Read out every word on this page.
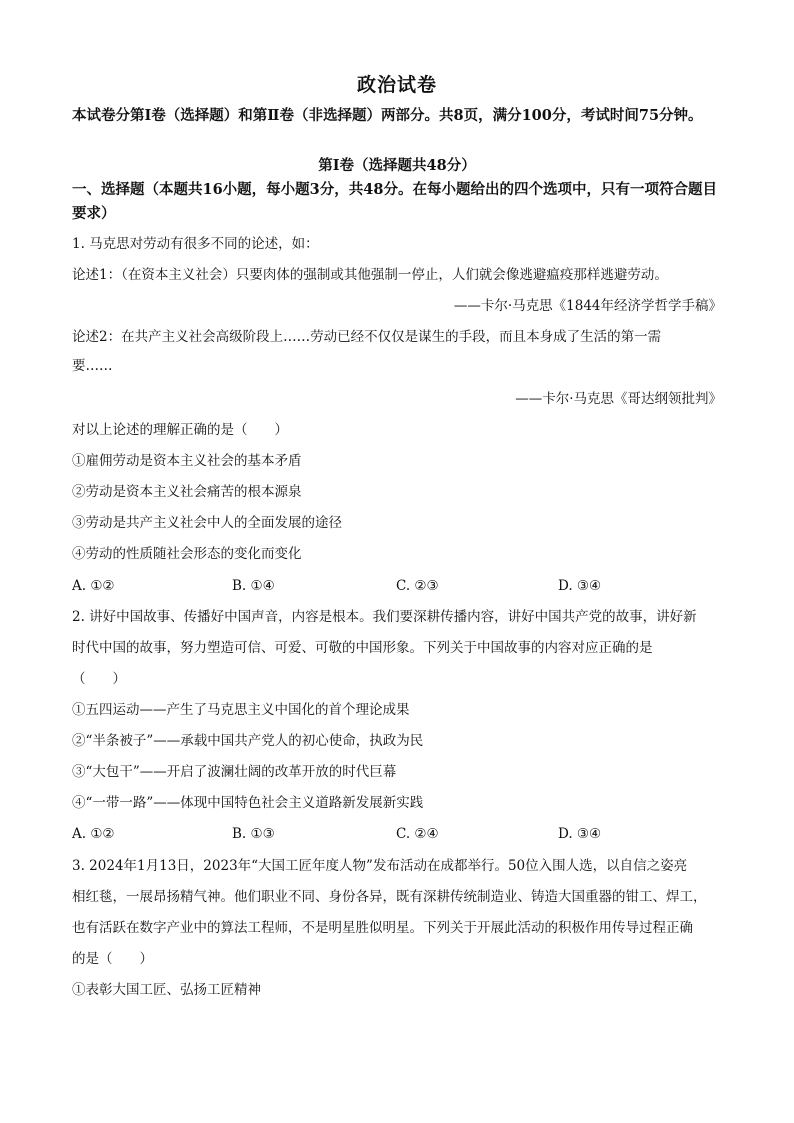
政治试卷
本试卷分第Ⅰ卷（选择题）和第Ⅱ卷（非选择题）两部分。共8页，满分100分，考试时间75分钟。
第Ⅰ卷（选择题共48分）
一、选择题（本题共16小题，每小题3分，共48分。在每小题给出的四个选项中，只有一项符合题目要求）
1. 马克思对劳动有很多不同的论述，如：
论述1：（在资本主义社会）只要肉体的强制或其他强制一停止，人们就会像逃避瘟疫那样逃避劳动。
——卡尔·马克思《1844年经济学哲学手稿》
论述2：在共产主义社会高级阶段上……劳动已经不仅仅是谋生的手段，而且本身成了生活的第一需
要……
——卡尔·马克思《哥达纲领批判》
对以上论述的理解正确的是（　　）
①雇佣劳动是资本主义社会的基本矛盾
②劳动是资本主义社会痛苦的根本源泉
③劳动是共产主义社会中人的全面发展的途径
④劳动的性质随社会形态的变化而变化
A. ①②	B. ①④	C. ②③	D. ③④
2. 讲好中国故事、传播好中国声音，内容是根本。我们要深耕传播内容，讲好中国共产党的故事，讲好新
时代中国的故事，努力塑造可信、可爱、可敬的中国形象。下列关于中国故事的内容对应正确的是
（　　）
①五四运动——产生了马克思主义中国化的首个理论成果
②“半条被子”——承载中国共产党人的初心使命，执政为民
③“大包干”——开启了波澜壮阔的改革开放的时代巨幕
④“一带一路”——体现中国特色社会主义道路新发展新实践
A. ①②	B. ①③	C. ②④	D. ③④
3. 2024年1月13日，2023年“大国工匠年度人物”发布活动在成都举行。50位入围人选，以自信之姿亮
相红毯，一展昂扬精气神。他们职业不同、身份各异，既有深耕传统制造业、铸造大国重器的钳工、焊工，
也有活跃在数字产业中的算法工程师，不是明星胜似明星。下列关于开展此活动的积极作用传导过程正确
的是（　　）
①表彰大国工匠、弘扬工匠精神
